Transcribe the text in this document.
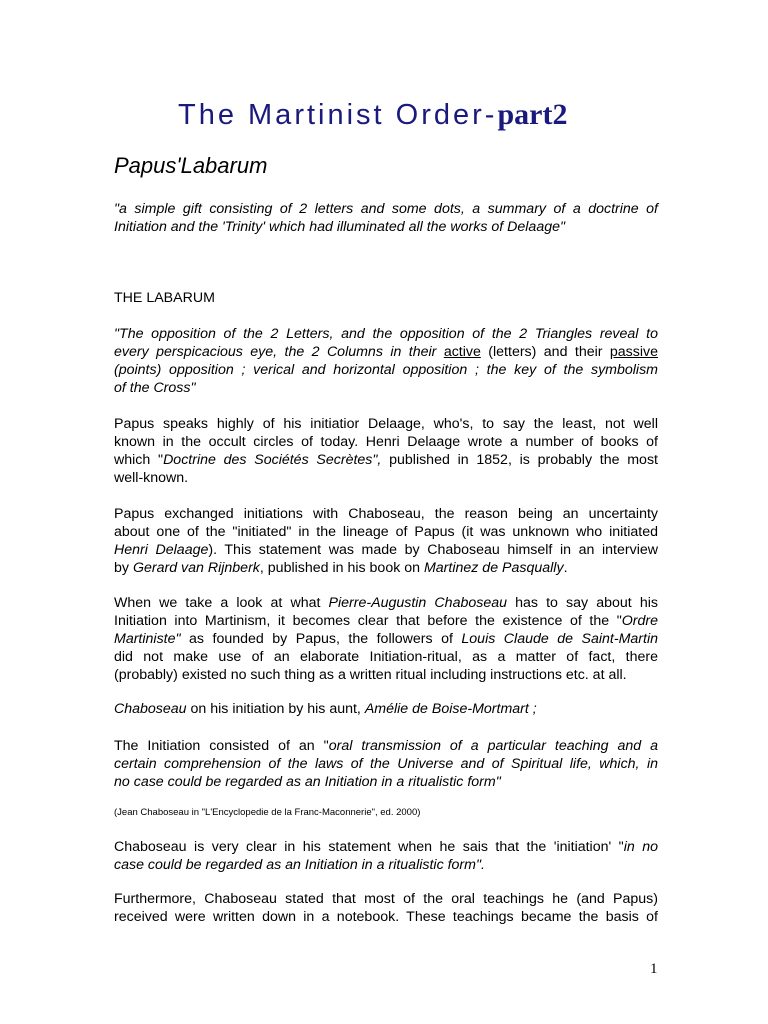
The Martinist Order-part2
Papus'Labarum
"a simple gift consisting of 2 letters and some dots, a summary of a doctrine of
Initiation and the 'Trinity' which had illuminated all the works of Delaage"
THE LABARUM
"The opposition of the 2 Letters, and the opposition of the 2 Triangles reveal to
every perspicacious eye, the 2 Columns in their active (letters) and their passive
(points) opposition ; verical and horizontal opposition ; the key of the symbolism
of the Cross"
Papus speaks highly of his initiatior Delaage, who's, to say the least, not well
known in the occult circles of today. Henri Delaage wrote a number of books of
which "Doctrine des Sociétés Secrètes", published in 1852, is probably the most
well-known.
Papus exchanged initiations with Chaboseau, the reason being an uncertainty
about one of the "initiated" in the lineage of Papus (it was unknown who initiated
Henri Delaage). This statement was made by Chaboseau himself in an interview
by Gerard van Rijnberk, published in his book on Martinez de Pasqually.
When we take a look at what Pierre-Augustin Chaboseau has to say about his
Initiation into Martinism, it becomes clear that before the existence of the "Ordre
Martiniste" as founded by Papus, the followers of Louis Claude de Saint-Martin
did not make use of an elaborate Initiation-ritual, as a matter of fact, there
(probably) existed no such thing as a written ritual including instructions etc. at all.
Chaboseau on his initiation by his aunt, Amélie de Boise-Mortmart ;
The Initiation consisted of an "oral transmission of a particular teaching and a
certain comprehension of the laws of the Universe and of Spiritual life, which, in
no case could be regarded as an Initiation in a ritualistic form"
(Jean Chaboseau in "L'Encyclopedie de la Franc-Maconnerie", ed. 2000)
Chaboseau is very clear in his statement when he sais that the 'initiation' "in no
case could be regarded as an Initiation in a ritualistic form".
Furthermore, Chaboseau stated that most of the oral teachings he (and Papus)
received were written down in a notebook. These teachings became the basis of
1
